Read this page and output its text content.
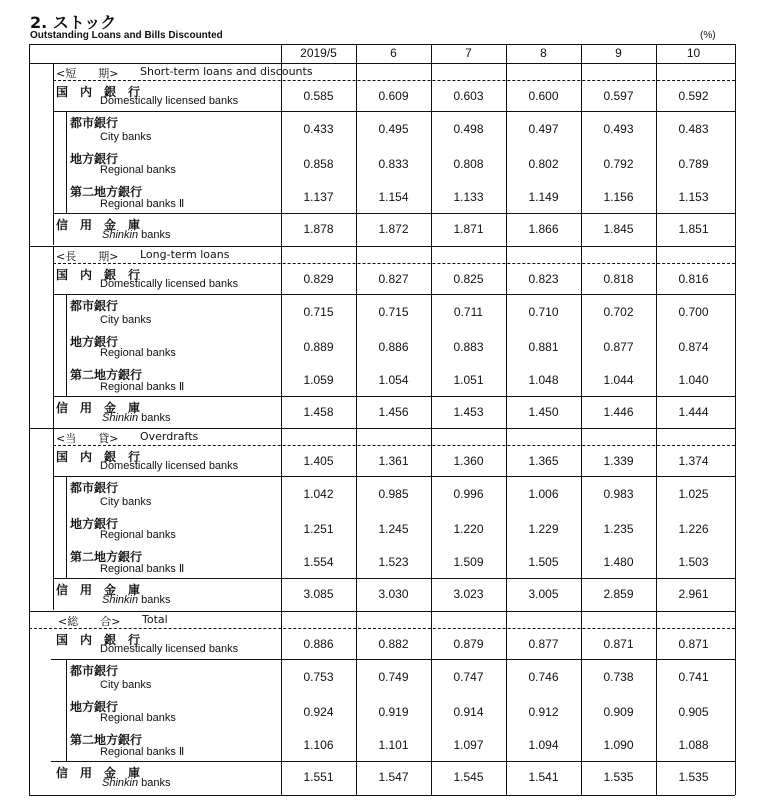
2. ストック
Outstanding Loans and Bills Discounted	(%)
2019/5	6	7	8	9	10
<短　　期> Short-term loans and discounts
国　内　銀　行
Domestically licensed banks	0.585	0.609	0.603	0.600	0.597	0.592
都市銀行
City banks
0.433	0.495	0.498	0.497	0.493	0.483
地方銀行
Regional banks	0.858	0.833	0.808	0.802	0.792	0.789
第二地方銀行
Regional banks Ⅱ	1.137	1.154	1.133	1.149	1.156	1.153
信　用　金　庫
Shinkin banks	1.878	1.872	1.871	1.866	1.845	1.851
<長　　期> Long-term loans
国　内　銀　行
Domestically licensed banks	0.829	0.827	0.825	0.823	0.818	0.816
都市銀行
City banks
0.715	0.715	0.711	0.710	0.702	0.700
地方銀行
Regional banks	0.889	0.886	0.883	0.881	0.877	0.874
第二地方銀行
Regional banks Ⅱ	1.059	1.054	1.051	1.048	1.044	1.040
信　用　金　庫
Shinkin banks	1.458	1.456	1.453	1.450	1.446	1.444
<当　　貸> Overdrafts
国　内　銀　行
Domestically licensed banks	1.405	1.361	1.360	1.365	1.339	1.374
都市銀行
City banks
1.042	0.985	0.996	1.006	0.983	1.025
地方銀行
Regional banks	1.251	1.245	1.220	1.229	1.235	1.226
第二地方銀行
Regional banks Ⅱ	1.554	1.523	1.509	1.505	1.480	1.503
信　用　金　庫
Shinkin banks	3.085	3.030	3.023	3.005	2.859	2.961
<総　　合> Total
国　内　銀　行
Domestically licensed banks	0.886	0.882	0.879	0.877	0.871	0.871
都市銀行
City banks
0.753	0.749	0.747	0.746	0.738	0.741
地方銀行
Regional banks	0.924	0.919	0.914	0.912	0.909	0.905
第二地方銀行
Regional banks Ⅱ	1.106	1.101	1.097	1.094	1.090	1.088
信　用　金　庫
Shinkin banks	1.551	1.547	1.545	1.541	1.535	1.535
